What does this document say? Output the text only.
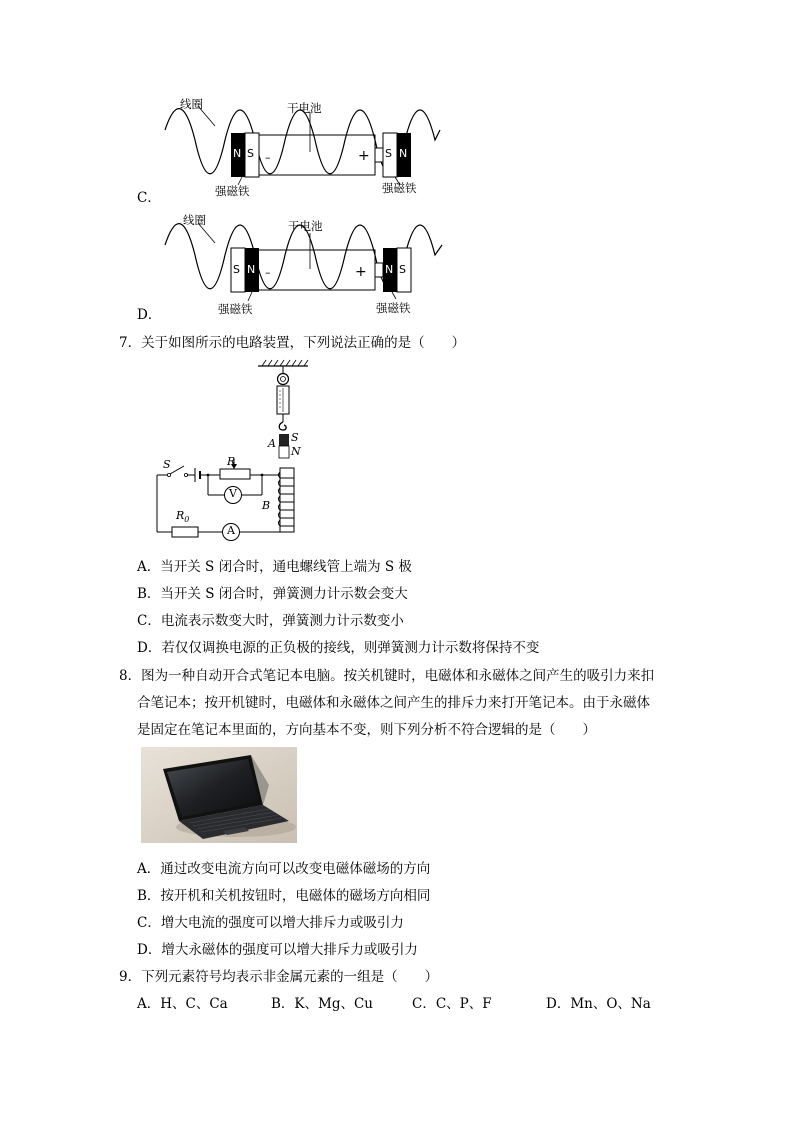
C．
线圈	干电池
N S –	+ S N
强磁铁	强磁铁
D．
线圈	干电池
S N –	+ N S
强磁铁	强磁铁
7．关于如图所示的电路装置，下列说法正确的是（　　）
A S
N
S	R
V
B
$R_0$
A
A．当开关 S 闭合时，通电螺线管上端为 S 极
B．当开关 S 闭合时，弹簧测力计示数会变大
C．电流表示数变大时，弹簧测力计示数变小
D．若仅仅调换电源的正负极的接线，则弹簧测力计示数将保持不变
8．图为一种自动开合式笔记本电脑。按关机键时，电磁体和永磁体之间产生的吸引力来扣
合笔记本；按开机键时，电磁体和永磁体之间产生的排斥力来打开笔记本。由于永磁体
是固定在笔记本里面的，方向基本不变，则下列分析不符合逻辑的是（　　）
A．通过改变电流方向可以改变电磁体磁场的方向
B．按开机和关机按钮时，电磁体的磁场方向相同
C．增大电流的强度可以增大排斥力或吸引力
D．增大永磁体的强度可以增大排斥力或吸引力
9．下列元素符号均表示非金属元素的一组是（　　）
A．H、C、Ca	B．K、Mg、Cu	C．C、P、F	D．Mn、O、Na
